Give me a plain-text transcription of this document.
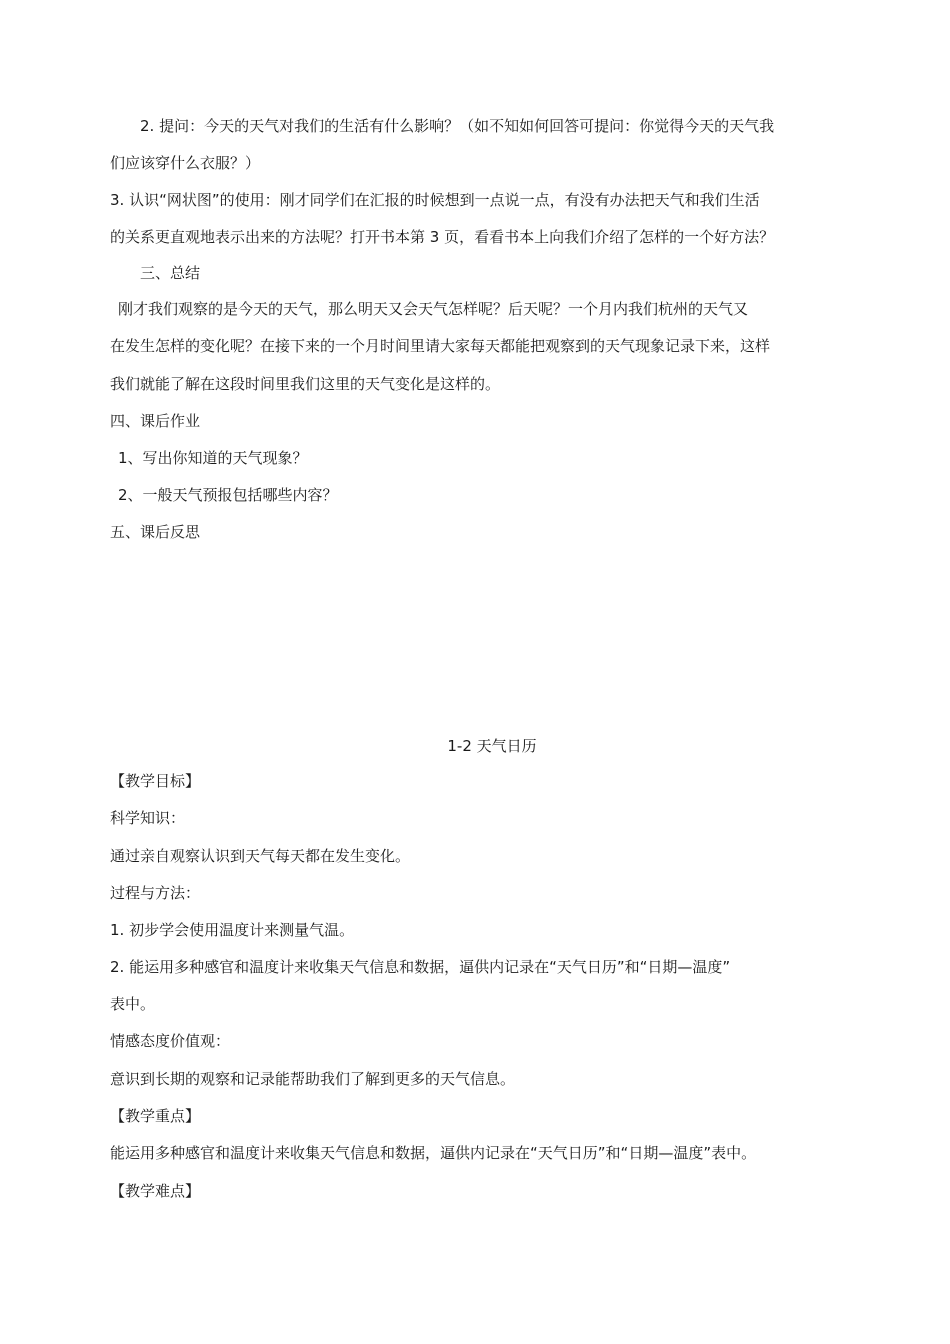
2. 提问：今天的天气对我们的生活有什么影响？（如不知如何回答可提问：你觉得今天的天气我
们应该穿什么衣服？）
3. 认识“网状图”的使用：刚才同学们在汇报的时候想到一点说一点，有没有办法把天气和我们生活
的关系更直观地表示出来的方法呢？打开书本第 3 页，看看书本上向我们介绍了怎样的一个好方法？
三、总结
刚才我们观察的是今天的天气，那么明天又会天气怎样呢？后天呢？一个月内我们杭州的天气又
在发生怎样的变化呢？在接下来的一个月时间里请大家每天都能把观察到的天气现象记录下来，这样
我们就能了解在这段时间里我们这里的天气变化是这样的。
四、课后作业
1、写出你知道的天气现象？
2、一般天气预报包括哪些内容？
五、课后反思
1-2 天气日历
【教学目标】
科学知识：
通过亲自观察认识到天气每天都在发生变化。
过程与方法：
1. 初步学会使用温度计来测量气温。
2. 能运用多种感官和温度计来收集天气信息和数据，逼供内记录在“天气日历”和“日期—温度”
表中。
情感态度价值观：
意识到长期的观察和记录能帮助我们了解到更多的天气信息。
【教学重点】
能运用多种感官和温度计来收集天气信息和数据，逼供内记录在“天气日历”和“日期—温度”表中。
【教学难点】
